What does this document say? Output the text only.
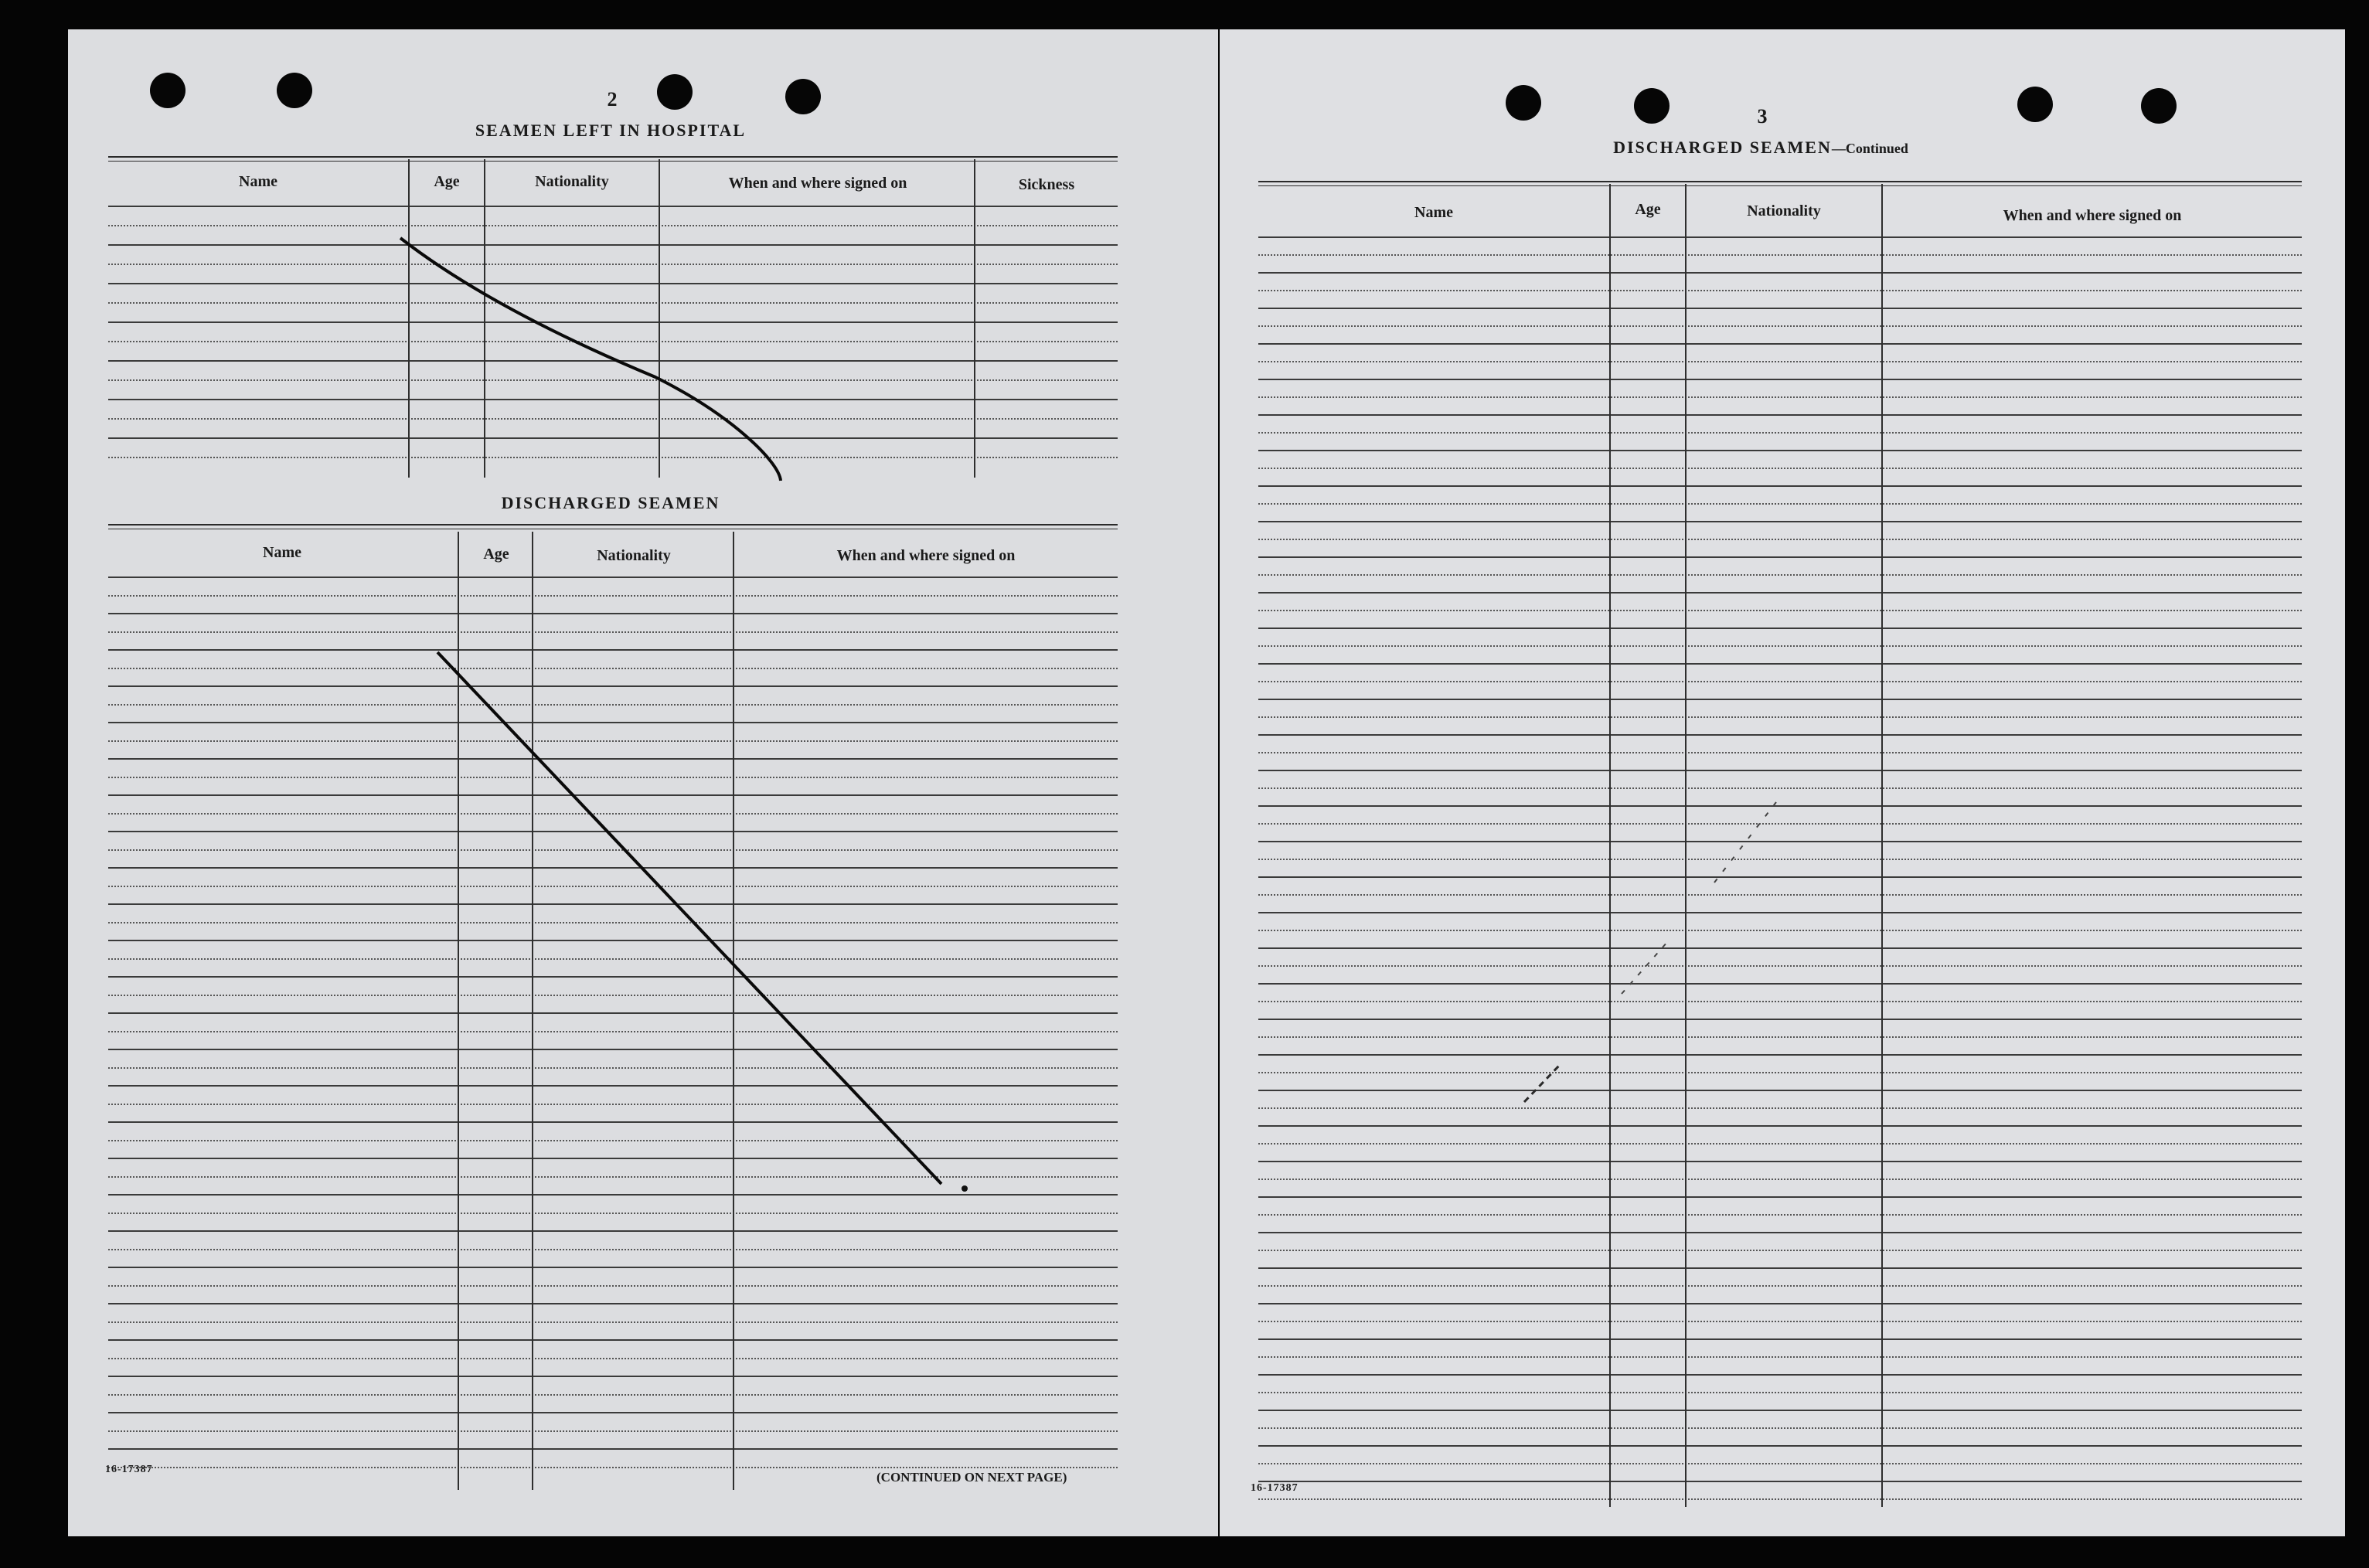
2
SEAMEN LEFT IN HOSPITAL
Name	Age	Nationality	When and where signed on	Sickness
DISCHARGED SEAMEN
Name	Age	Nationality	When and where signed on
16-17387
(CONTINUED ON NEXT PAGE)
3
DISCHARGED SEAMEN—Continued
Name	Age	Nationality	When and where signed on
16-17387
